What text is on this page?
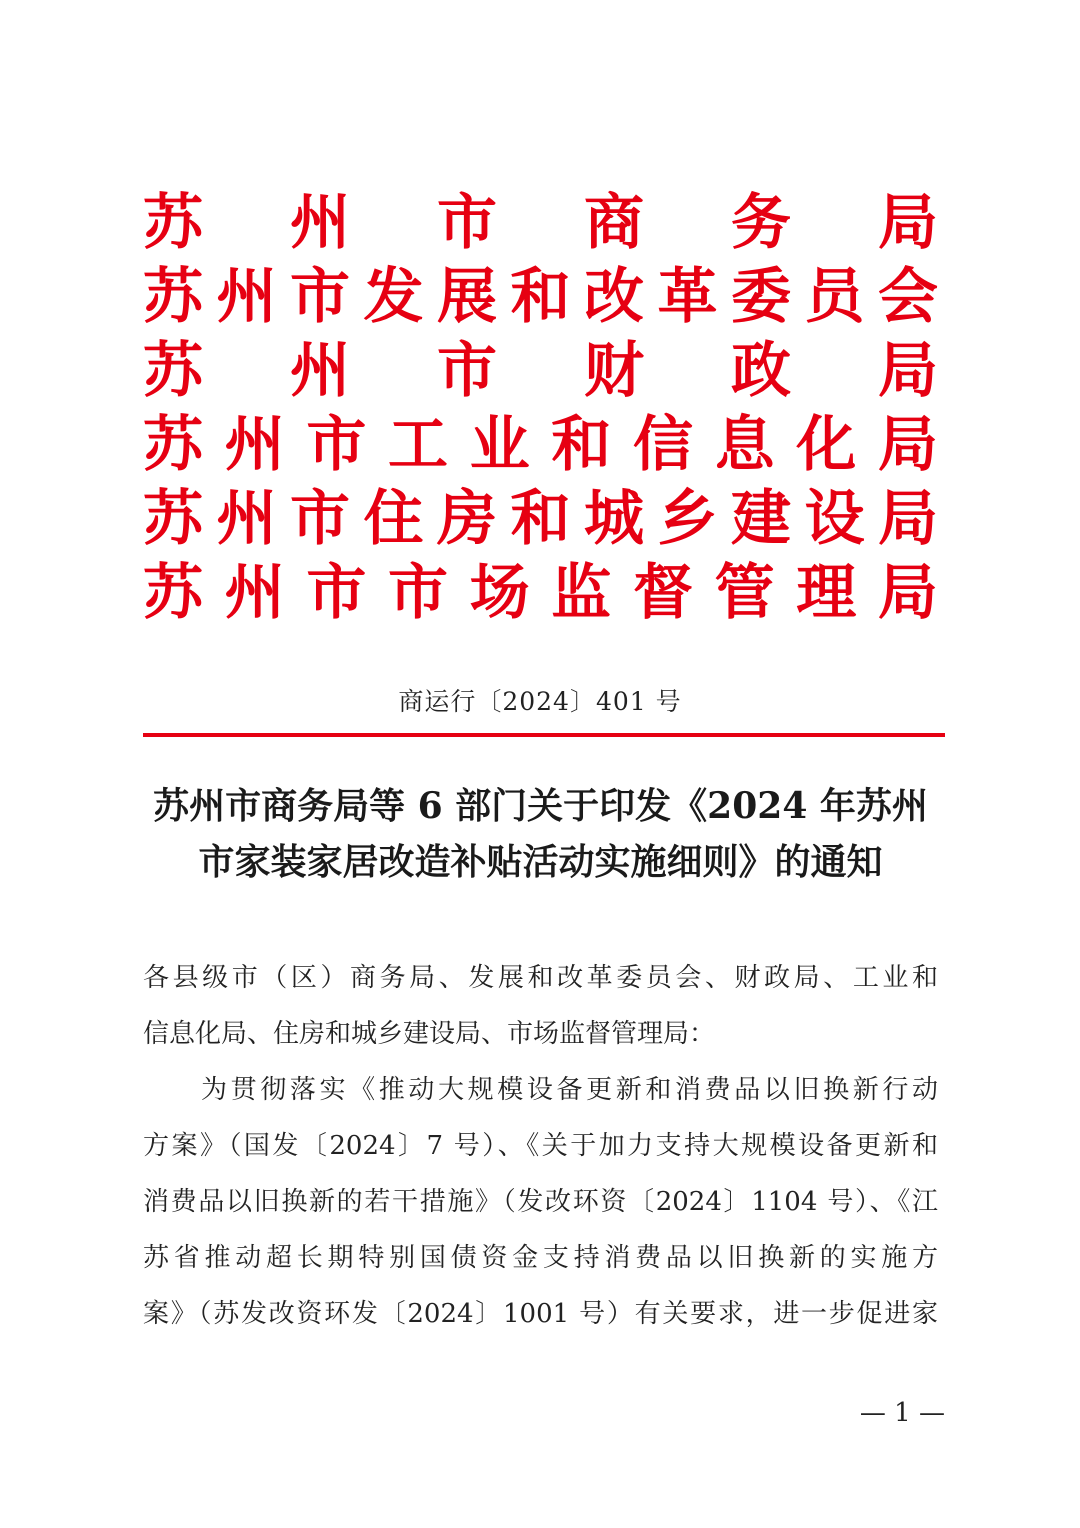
苏 州 市 商 务 局
苏 州 市 发 展 和 改 革 委 员 会
苏 州 市 财 政 局
苏 州 市 工 业 和 信 息 化 局
苏 州 市 住 房 和 城 乡 建 设 局
苏 州 市 市 场 监 督 管 理 局
商运行〔2024〕401 号
苏州市商务局等 6 部门关于印发《2024 年苏州
市家装家居改造补贴活动实施细则》的通知
各县级市（区）商务局、发展和改革委员会、财政局、工业和
信息化局、住房和城乡建设局、市场监督管理局：
为贯彻落实《推动大规模设备更新和消费品以旧换新行动
方案》（国发〔2024〕7 号）、《关于加力支持大规模设备更新和
消费品以旧换新的若干措施》（发改环资〔2024〕1104 号）、《江
苏省推动超长期特别国债资金支持消费品以旧换新的实施方
案》（苏发改资环发〔2024〕1001 号）有关要求，进一步促进家
— 1 —
